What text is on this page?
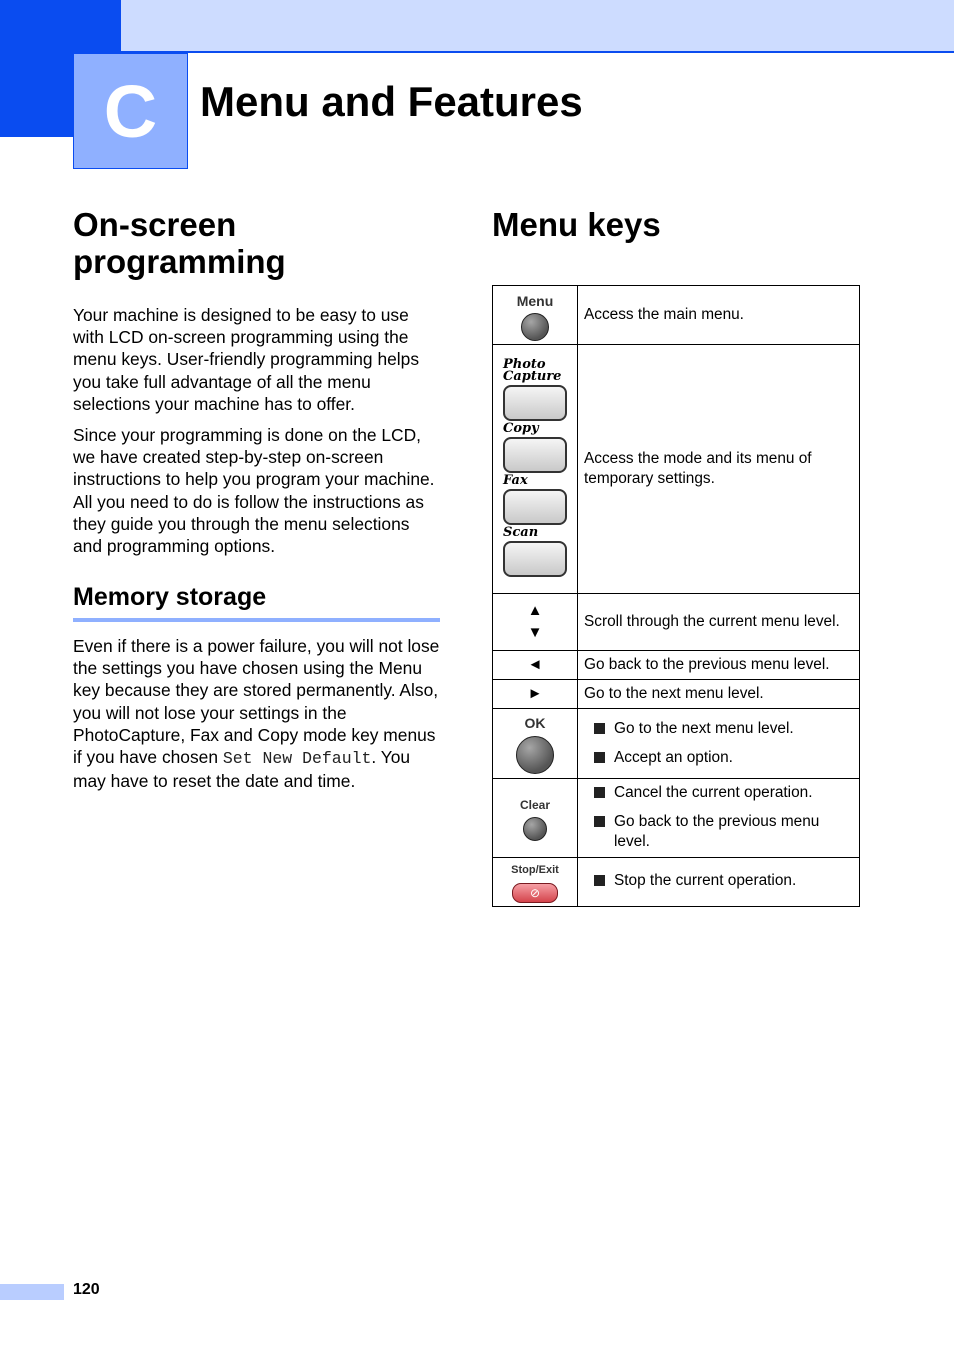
C Menu and Features
On-screen programming

Your machine is designed to be easy to use with LCD on-screen programming using the menu keys. User-friendly programming helps you take full advantage of all the menu selections your machine has to offer.

Since your programming is done on the LCD, we have created step-by-step on-screen instructions to help you program your machine. All you need to do is follow the instructions as they guide you through the menu selections and programming options.

Memory storage

Even if there is a power failure, you will not lose the settings you have chosen using the Menu key because they are stored permanently. Also, you will not lose your settings in the PhotoCapture, Fax and Copy mode key menus if you have chosen Set New Default. You may have to reset the date and time.

Menu keys
Menu	Access the main menu.

Photo Capture
Copy
Fax
Scan	Access the mode and its menu of temporary settings.

▲
▼	Scroll through the current menu level.

◄	Go back to the previous menu level.

►	Go to the next menu level.

OK	Go to the next menu level.
Accept an option.

Clear	Cancel the current operation.
Go back to the previous menu level.

Stop/Exit
⊘	Stop the current operation.
120
